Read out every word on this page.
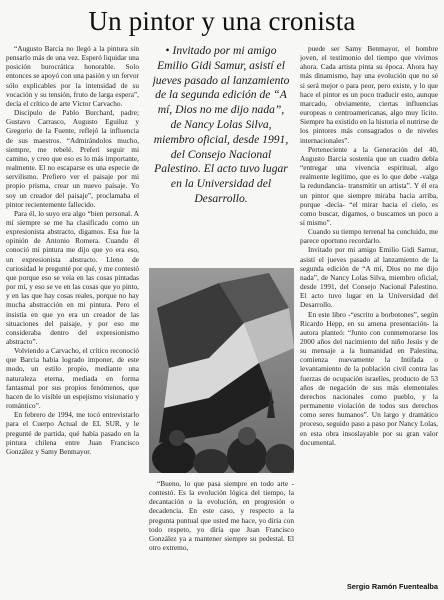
Un pintor y una cronista

“Augusto Barcia no llegó a la pintura sin pensarlo más de una vez. Esperó liquidar una posición burocrática honorable. Solo entonces se apoyó con una pasión y un fervor sólo explicables por la intensidad de su vocación y su tensión, fruto de larga espera”, decía el crítico de arte Víctor Carvacho.

Discípulo de Pablo Burchard, padre; Gustavo Carrasco, Augusto Eguiluz y Gregorio de la Fuente, reflejó la influencia de sus maestros. “Admirándolos mucho, siempre, me rebelé. Preferí seguir mi camino, y creo que eso es lo más importante, realmente. El no escaparse es una especie de servilismo. Prefiero ver el paisaje por mi propio prisma, crear un nuevo paisaje. Yo soy un creador del paisaje”, proclamaba el pintor recientemente fallecido.

Para él, lo suyo era algo “bien personal. A mí siempre se me ha clasificado como un expresionista abstracto, digamos. Esa fue la opinión de Antonio Romera. Cuando él conoció mi pintura me dijo que yo era eso, un expresionista abstracto. Lleno de curiosidad le pregunté por qué, y me contestó que porque eso se veía en las cosas pintadas por mí, y eso se ve en las cosas que yo pinto, y en las que hay cosas reales, porque no hay mucha abstracción en mi pintura. Pero el insistía en que yo era un creador de las situaciones del paisaje, y por eso me consideraba dentro del expresionismo abstracto”.

Volviendo a Carvacho, el crítico reconoció que Barcia había logrado imponer, de este modo, un estilo propio, mediante una naturaleza eterna, mediada en forma fantasmal por sus propios fenómenos, que hacen de lo visible un espejismo visionario y romántico”.

En febrero de 1994, me tocó entrevistarlo para el Cuerpo Actual de EL SUR, y le pregunté de partida, qué había pasado en la pintura chilena entre Juan Francisco González y Samy Benmayor.

• Invitado por mi amigo Emilio Gidi Samur, asistí el jueves pasado al lanzamiento de la segunda edición de “A mí, Dios no me dijo nada”, de Nancy Lolas Silva, miembro oficial, desde 1991, del Consejo Nacional Palestino. El acto tuvo lugar en la Universidad del Desarrollo.

“Bueno, lo que pasa siempre en todo arte -contestó. Es la evolución lógica del tiempo, la decantación o la evolución, en progresión o decadencia. En este caso, y respecto a la pregunta puntual que usted me hace, yo diría con todo respeto, yo diría que Juan Francisco González ya a mantener siempre su pedestal. El otro extremo,

puede ser Samy Benmayor, el hombre joven, el testimonio del tiempo que vivimos ahora. Cada artista pinta su época. Ahora hay más dinamismo, hay una evolución que no sé si será mejor o para peor, pero existe, y lo que hace el pintor es un poco traducir esto, aunque marcado, obviamente, ciertas influencias europeas o centroamericanas, algo muy lícito. Siempre ha existido en la historia el nutrirse de los pintores más consagrados o de niveles internacionales”.

Perteneciente a la Generación del 40, Augusto Barcia sostenía que un cuadro debía “entregar una vivencia espiritual, algo realmente legítimo, que es lo que debe -valga la redundancia- transmitir un artista”. Y él era un pintor que siempre miraba hacia arriba, porque -decía- “el mirar hacia el cielo, es como buscar, digamos, o buscamos un poco a sí mismo”.

Cuando su tiempo terrenal ha concluido, me parece oportuno recordarlo.

Invitado por mi amigo Emilio Gidi Samur, asistí el jueves pasado al lanzamiento de la segunda edición de “A mí, Dios no me dijo nada”, de Nancy Lolas Silva, miembro oficial, desde 1991, del Consejo Nacional Palestino. El acto tuvo lugar en la Universidad del Desarrollo.

En este libro -“escrito a borbotones”, según Ricardo Hepp, en su amena presentación- la autora planteó: “Junto con conmemorarse los 2000 años del nacimiento del niño Jesús y de su mensaje a la humanidad en Palestina, comienza nuevamente la Intifada o levantamiento de la población civil contra las fuerzas de ocupación israelíes, producto de 53 años de negación de sus más elementales derechos nacionales como pueblo, y la permanente violación de todos sus derechos como seres humanos”. Un largo y dramático proceso, seguido paso a paso por Nancy Lolas, en esta obra insoslayable por su gran valor documental.

Sergio Ramón Fuentealba
